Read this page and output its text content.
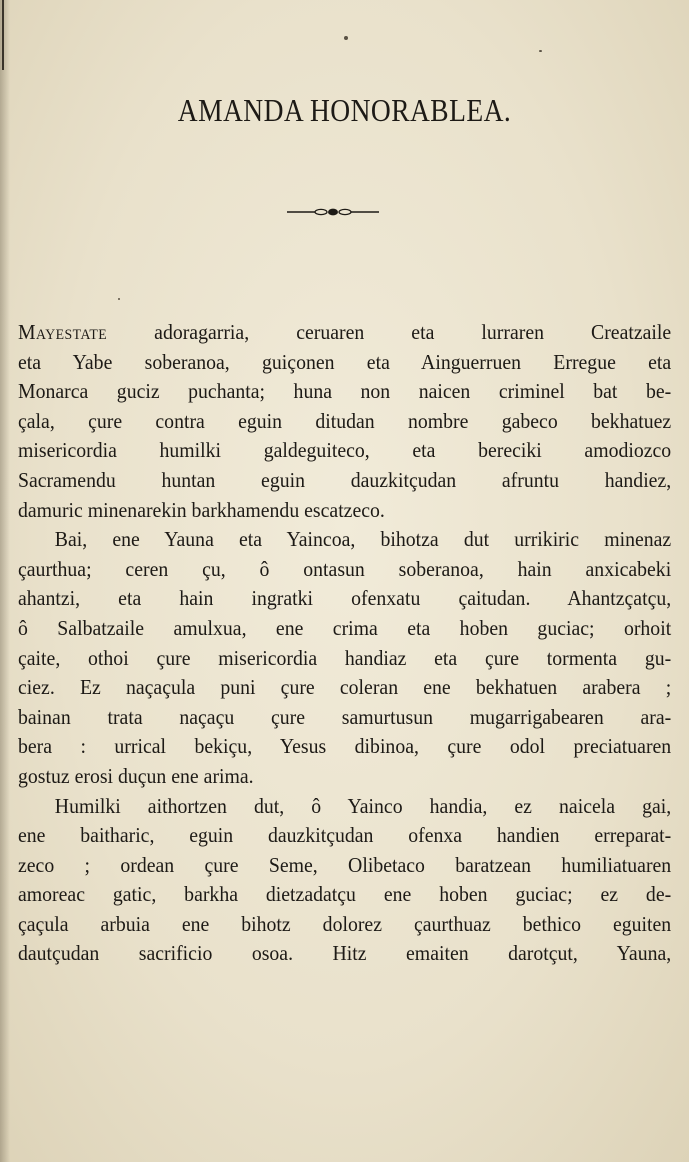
AMANDA HONORABLEA.

Mayestate adoragarria, ceruaren eta lurraren Creatzaile

eta Yabe soberanoa, guiçonen eta Ainguerruen Erregue eta

Monarca guciz puchanta; huna non naicen criminel bat be-

çala, çure contra eguin ditudan nombre gabeco bekhatuez

misericordia humilki galdeguiteco, eta bereciki amodiozco

Sacramendu huntan eguin dauzkitçudan afruntu handiez,

damuric minenarekin barkhamendu escatzeco.

Bai, ene Yauna eta Yaincoa, bihotza dut urrikiric minenaz

çaurthua; ceren çu, ô ontasun soberanoa, hain anxicabeki

ahantzi, eta hain ingratki ofenxatu çaitudan. Ahantzçatçu,

ô Salbatzaile amulxua, ene crima eta hoben guciac; orhoit

çaite, othoi çure misericordia handiaz eta çure tormenta gu-

ciez. Ez naçaçula puni çure coleran ene bekhatuen arabera ;

bainan trata naçaçu çure samurtusun mugarrigabearen ara-

bera : urrical bekiçu, Yesus dibinoa, çure odol preciatuaren

gostuz erosi duçun ene arima.

Humilki aithortzen dut, ô Yainco handia, ez naicela gai,

ene baitharic, eguin dauzkitçudan ofenxa handien erreparat-

zeco ; ordean çure Seme, Olibetaco baratzean humiliatuaren

amoreac gatic, barkha dietzadatçu ene hoben guciac; ez de-

çaçula arbuia ene bihotz dolorez çaurthuaz bethico eguiten

dautçudan sacrificio osoa. Hitz emaiten darotçut, Yauna,
